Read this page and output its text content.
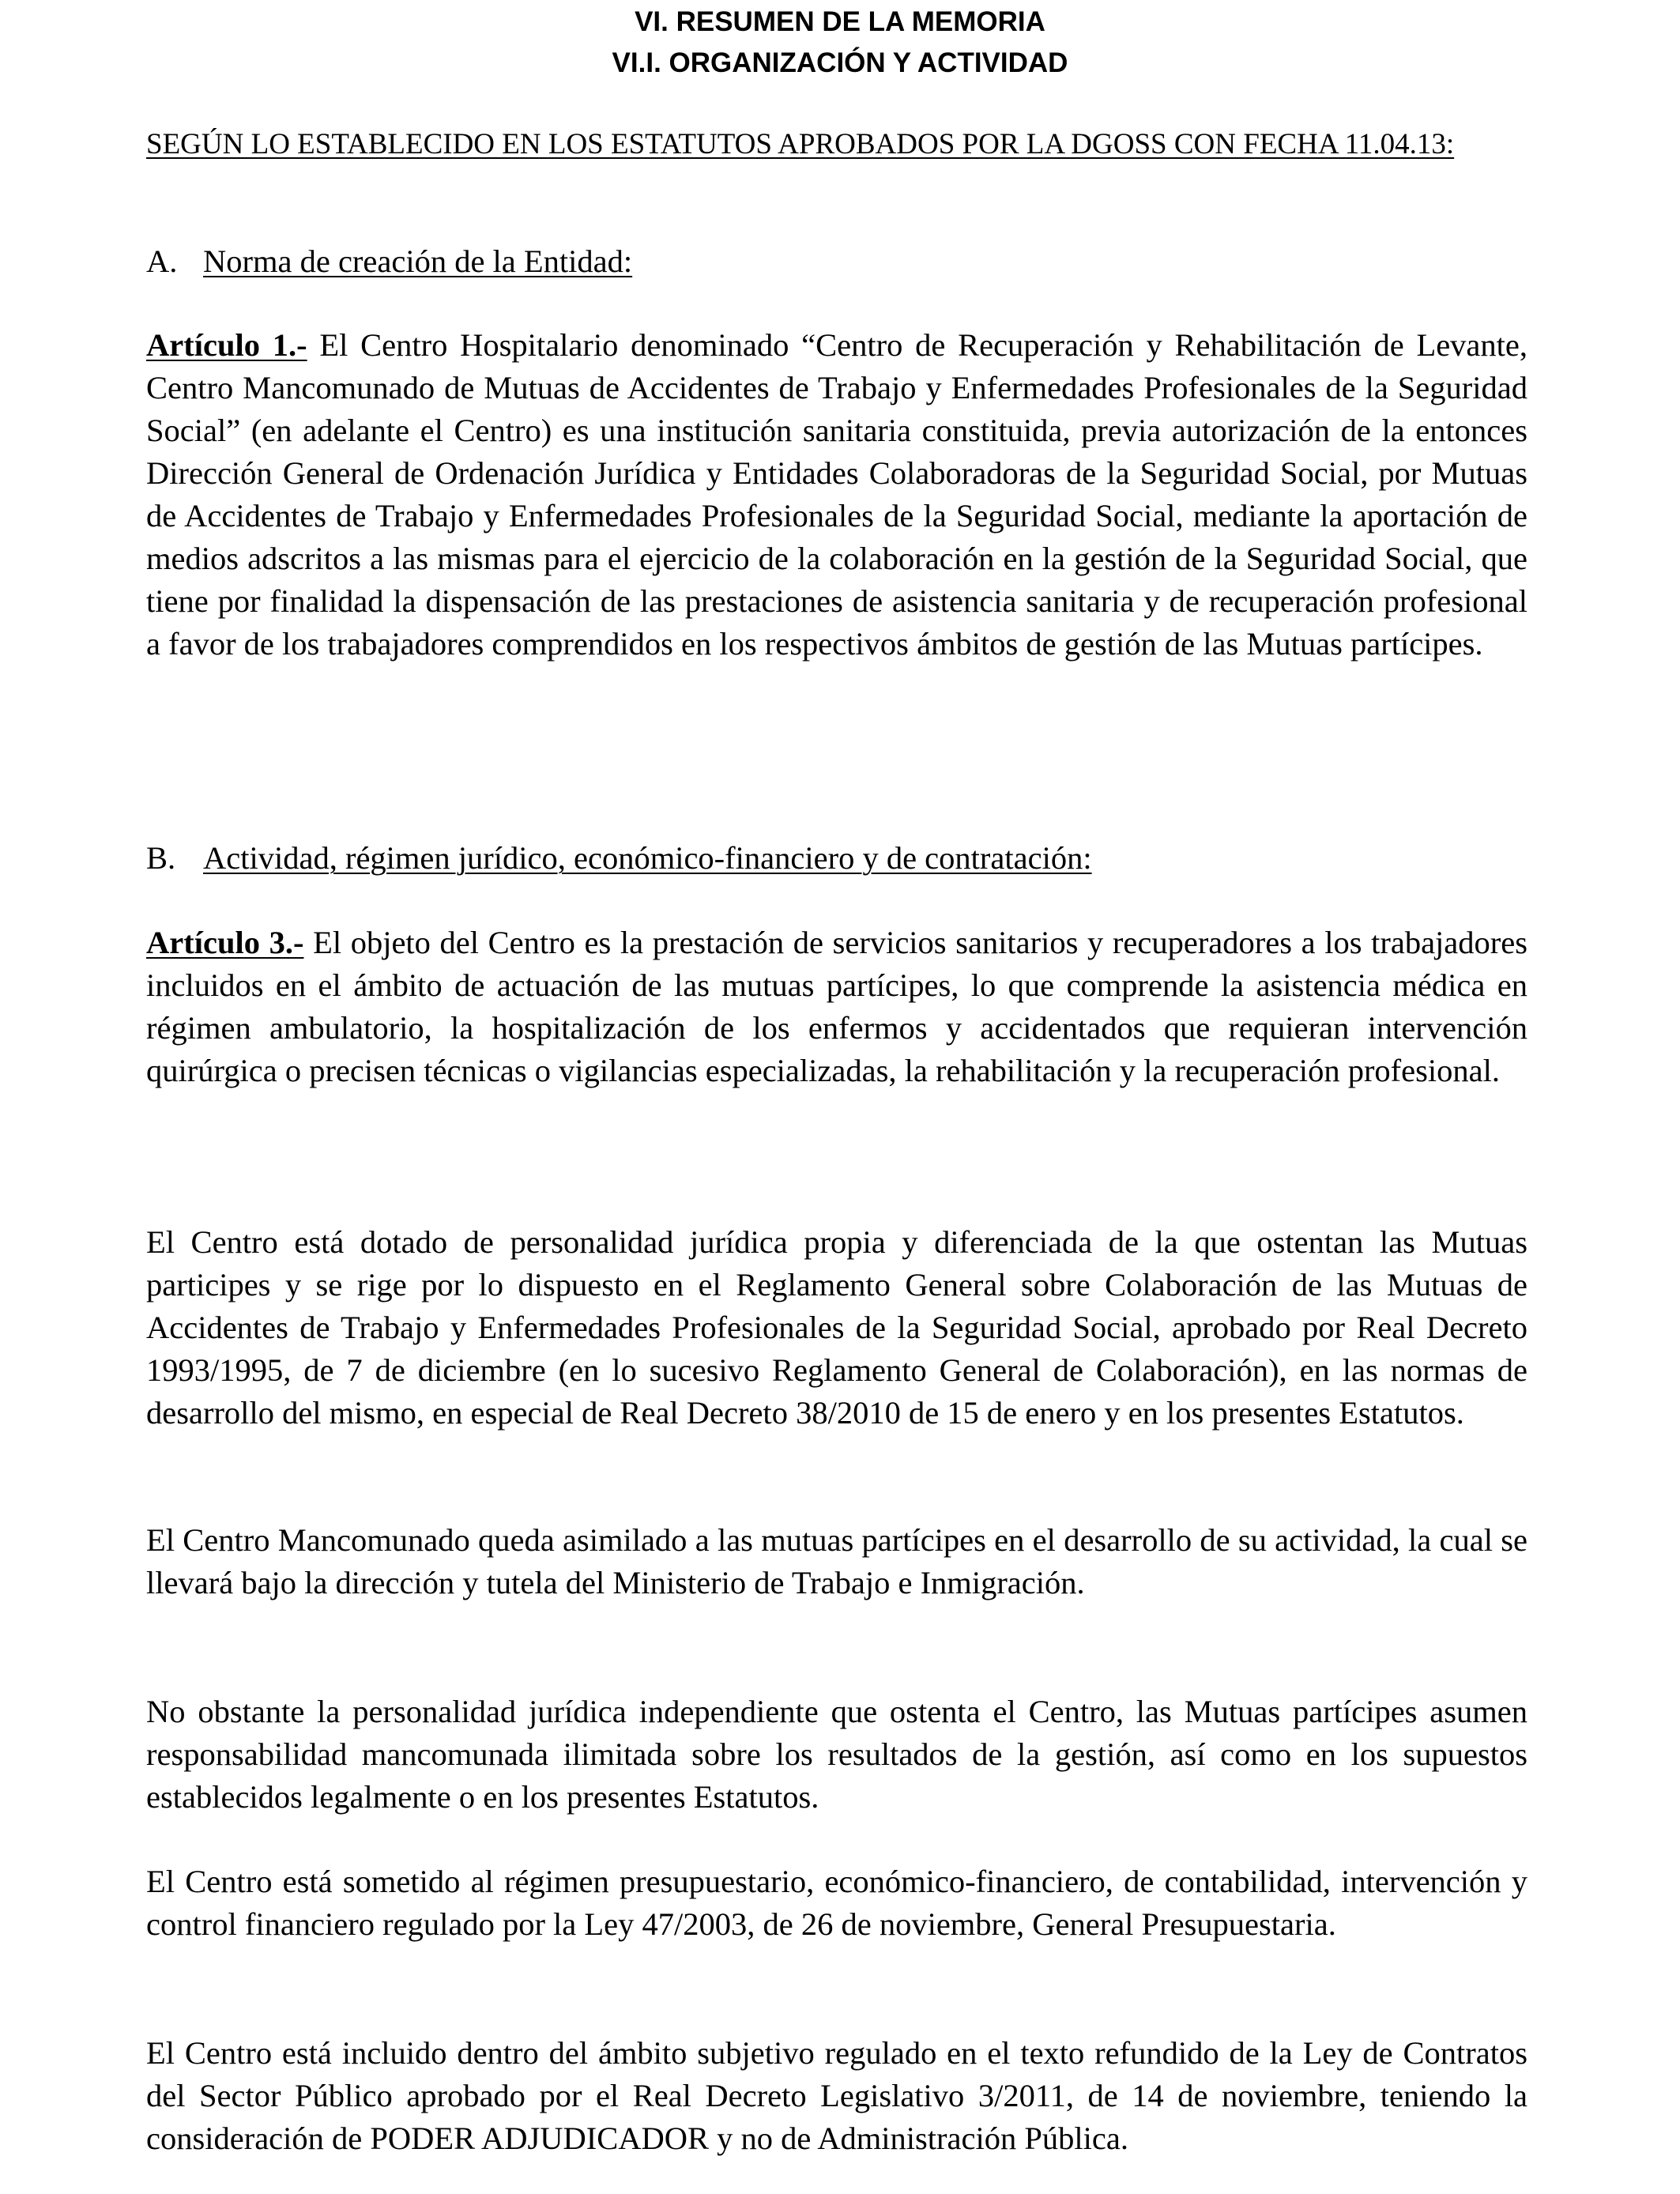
VI. RESUMEN DE LA MEMORIA
VI.I. ORGANIZACIÓN Y ACTIVIDAD

SEGÚN LO ESTABLECIDO EN LOS ESTATUTOS APROBADOS POR LA DGOSS CON FECHA 11.04.13:

A. Norma de creación de la Entidad:

Artículo 1.- El Centro Hospitalario denominado “Centro de Recuperación y Rehabilitación de Levante, Centro Mancomunado de Mutuas de Accidentes de Trabajo y Enfermedades Profesionales de la Seguridad Social” (en adelante el Centro) es una institución sanitaria constituida, previa autorización de la entonces Dirección General de Ordenación Jurídica y Entidades Colaboradoras de la Seguridad Social, por Mutuas de Accidentes de Trabajo y Enfermedades Profesionales de la Seguridad Social, mediante la aportación de medios adscritos a las mismas para el ejercicio de la colaboración en la gestión de la Seguridad Social, que tiene por finalidad la dispensación de las prestaciones de asistencia sanitaria y de recuperación profesional a favor de los trabajadores comprendidos en los respectivos ámbitos de gestión de las Mutuas partícipes.

B. Actividad, régimen jurídico, económico-financiero y de contratación:

Artículo 3.- El objeto del Centro es la prestación de servicios sanitarios y recuperadores a los trabajadores incluidos en el ámbito de actuación de las mutuas partícipes, lo que comprende la asistencia médica en régimen ambulatorio, la hospitalización de los enfermos y accidentados que requieran intervención quirúrgica o precisen técnicas o vigilancias especializadas, la rehabilitación y la recuperación profesional.

El Centro está dotado de personalidad jurídica propia y diferenciada de la que ostentan las Mutuas participes y se rige por lo dispuesto en el Reglamento General sobre Colaboración de las Mutuas de Accidentes de Trabajo y Enfermedades Profesionales de la Seguridad Social, aprobado por Real Decreto 1993/1995, de 7 de diciembre (en lo sucesivo Reglamento General de Colaboración), en las normas de desarrollo del mismo, en especial de Real Decreto 38/2010 de 15 de enero y en los presentes Estatutos.

El Centro Mancomunado queda asimilado a las mutuas partícipes en el desarrollo de su actividad, la cual se llevará bajo la dirección y tutela del Ministerio de Trabajo e Inmigración.

No obstante la personalidad jurídica independiente que ostenta el Centro, las Mutuas partícipes asumen responsabilidad mancomunada ilimitada sobre los resultados de la gestión, así como en los supuestos establecidos legalmente o en los presentes Estatutos.

El Centro está sometido al régimen presupuestario, económico-financiero, de contabilidad, intervención y control financiero regulado por la Ley 47/2003, de 26 de noviembre, General Presupuestaria.

El Centro está incluido dentro del ámbito subjetivo regulado en el texto refundido de la Ley de Contratos del Sector Público aprobado por el Real Decreto Legislativo 3/2011, de 14 de noviembre, teniendo la consideración de PODER ADJUDICADOR y no de Administración Pública.
